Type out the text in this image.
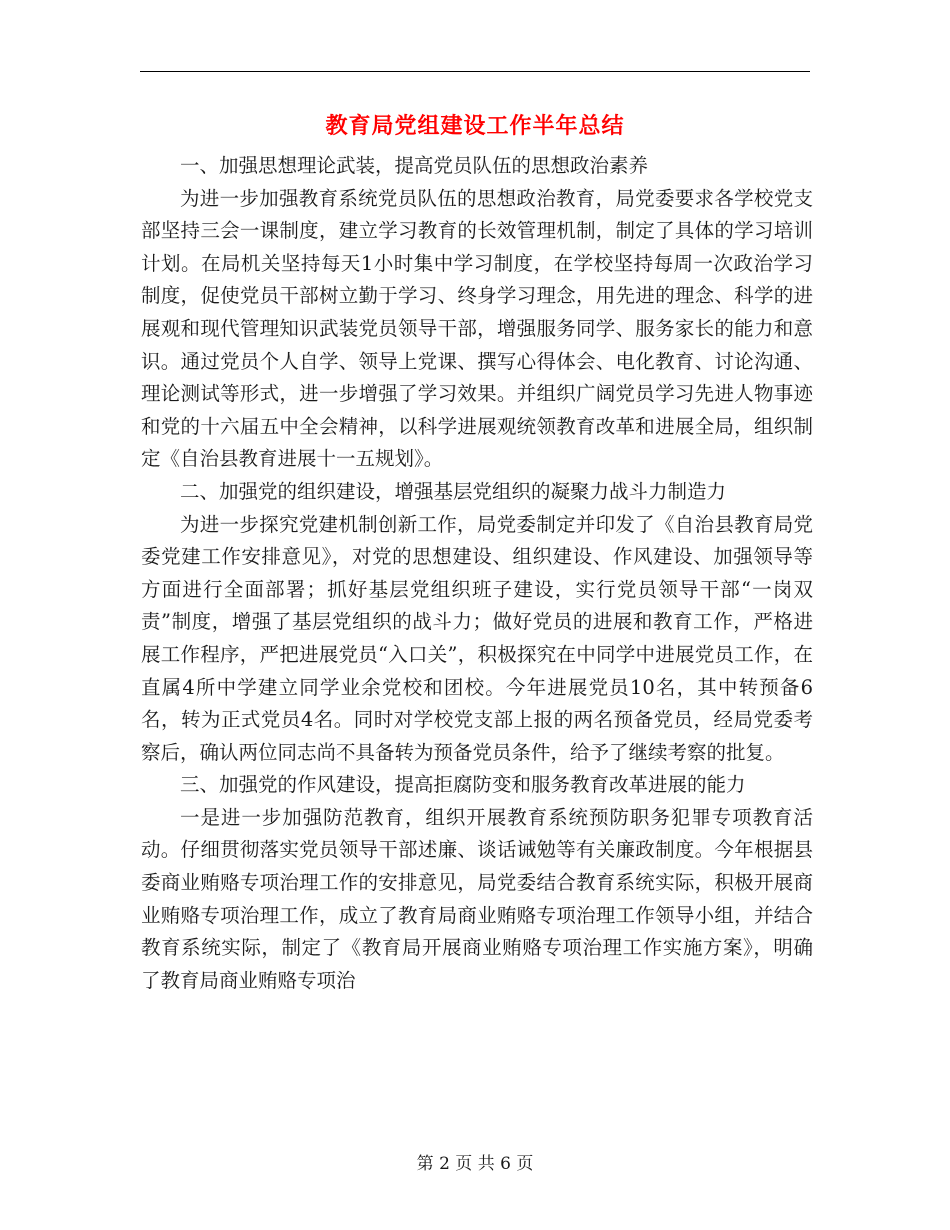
教育局党组建设工作半年总结

一、加强思想理论武装，提高党员队伍的思想政治素养

为进一步加强教育系统党员队伍的思想政治教育，局党委要求各学校党支部坚持三会一课制度，建立学习教育的长效管理机制，制定了具体的学习培训计划。在局机关坚持每天1小时集中学习制度，在学校坚持每周一次政治学习制度，促使党员干部树立勤于学习、终身学习理念，用先进的理念、科学的进展观和现代管理知识武装党员领导干部，增强服务同学、服务家长的能力和意识。通过党员个人自学、领导上党课、撰写心得体会、电化教育、讨论沟通、理论测试等形式，进一步增强了学习效果。并组织广阔党员学习先进人物事迹和党的十六届五中全会精神，以科学进展观统领教育改革和进展全局，组织制定《自治县教育进展十一五规划》。

二、加强党的组织建设，增强基层党组织的凝聚力战斗力制造力

为进一步探究党建机制创新工作，局党委制定并印发了《自治县教育局党委党建工作安排意见》，对党的思想建设、组织建设、作风建设、加强领导等方面进行全面部署；抓好基层党组织班子建设，实行党员领导干部“一岗双责”制度，增强了基层党组织的战斗力；做好党员的进展和教育工作，严格进展工作程序，严把进展党员“入口关”，积极探究在中同学中进展党员工作，在直属4所中学建立同学业余党校和团校。今年进展党员10名，其中转预备6名，转为正式党员4名。同时对学校党支部上报的两名预备党员，经局党委考察后，确认两位同志尚不具备转为预备党员条件，给予了继续考察的批复。

三、加强党的作风建设，提高拒腐防变和服务教育改革进展的能力

一是进一步加强防范教育，组织开展教育系统预防职务犯罪专项教育活动。仔细贯彻落实党员领导干部述廉、谈话诫勉等有关廉政制度。今年根据县委商业贿赂专项治理工作的安排意见，局党委结合教育系统实际，积极开展商业贿赂专项治理工作，成立了教育局商业贿赂专项治理工作领导小组，并结合教育系统实际，制定了《教育局开展商业贿赂专项治理工作实施方案》，明确了教育局商业贿赂专项治

第 2 页 共 6 页
